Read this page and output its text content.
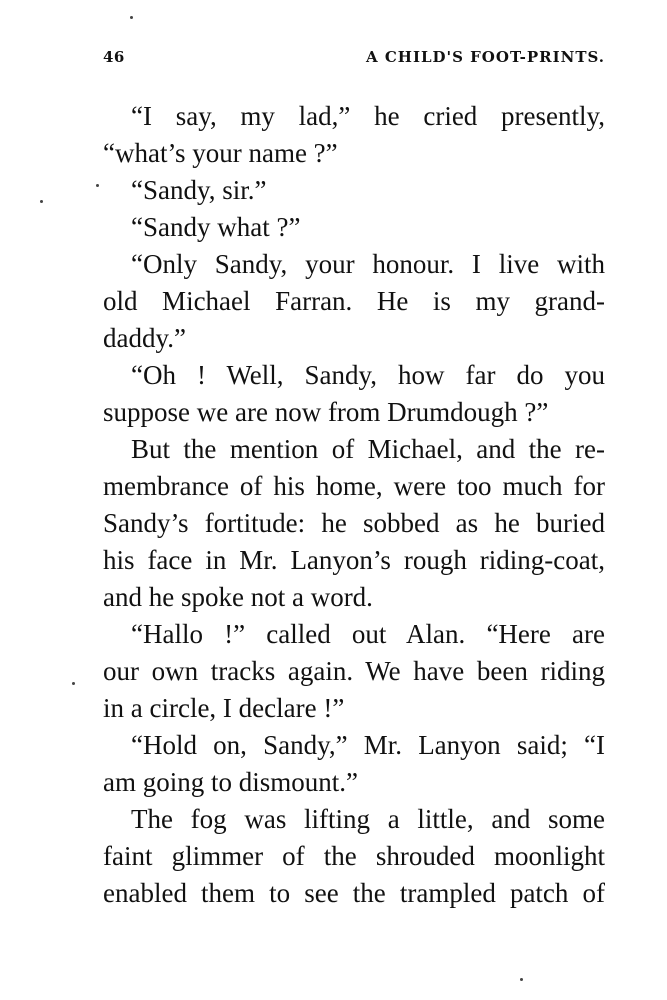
46	A CHILD'S FOOT-PRINTS.
“I say, my lad,” he cried presently,
“what’s your name ?”
“Sandy, sir.”
“Sandy what ?”
“Only Sandy, your honour. I live with
old Michael Farran. He is my grand-
daddy.”
“Oh ! Well, Sandy, how far do you
suppose we are now from Drumdough ?”
But the mention of Michael, and the re-
membrance of his home, were too much for
Sandy’s fortitude: he sobbed as he buried
his face in Mr. Lanyon’s rough riding-coat,
and he spoke not a word.
“Hallo !” called out Alan. “Here are
our own tracks again. We have been riding
in a circle, I declare !”
“Hold on, Sandy,” Mr. Lanyon said; “I
am going to dismount.”
The fog was lifting a little, and some
faint glimmer of the shrouded moonlight
enabled them to see the trampled patch of
